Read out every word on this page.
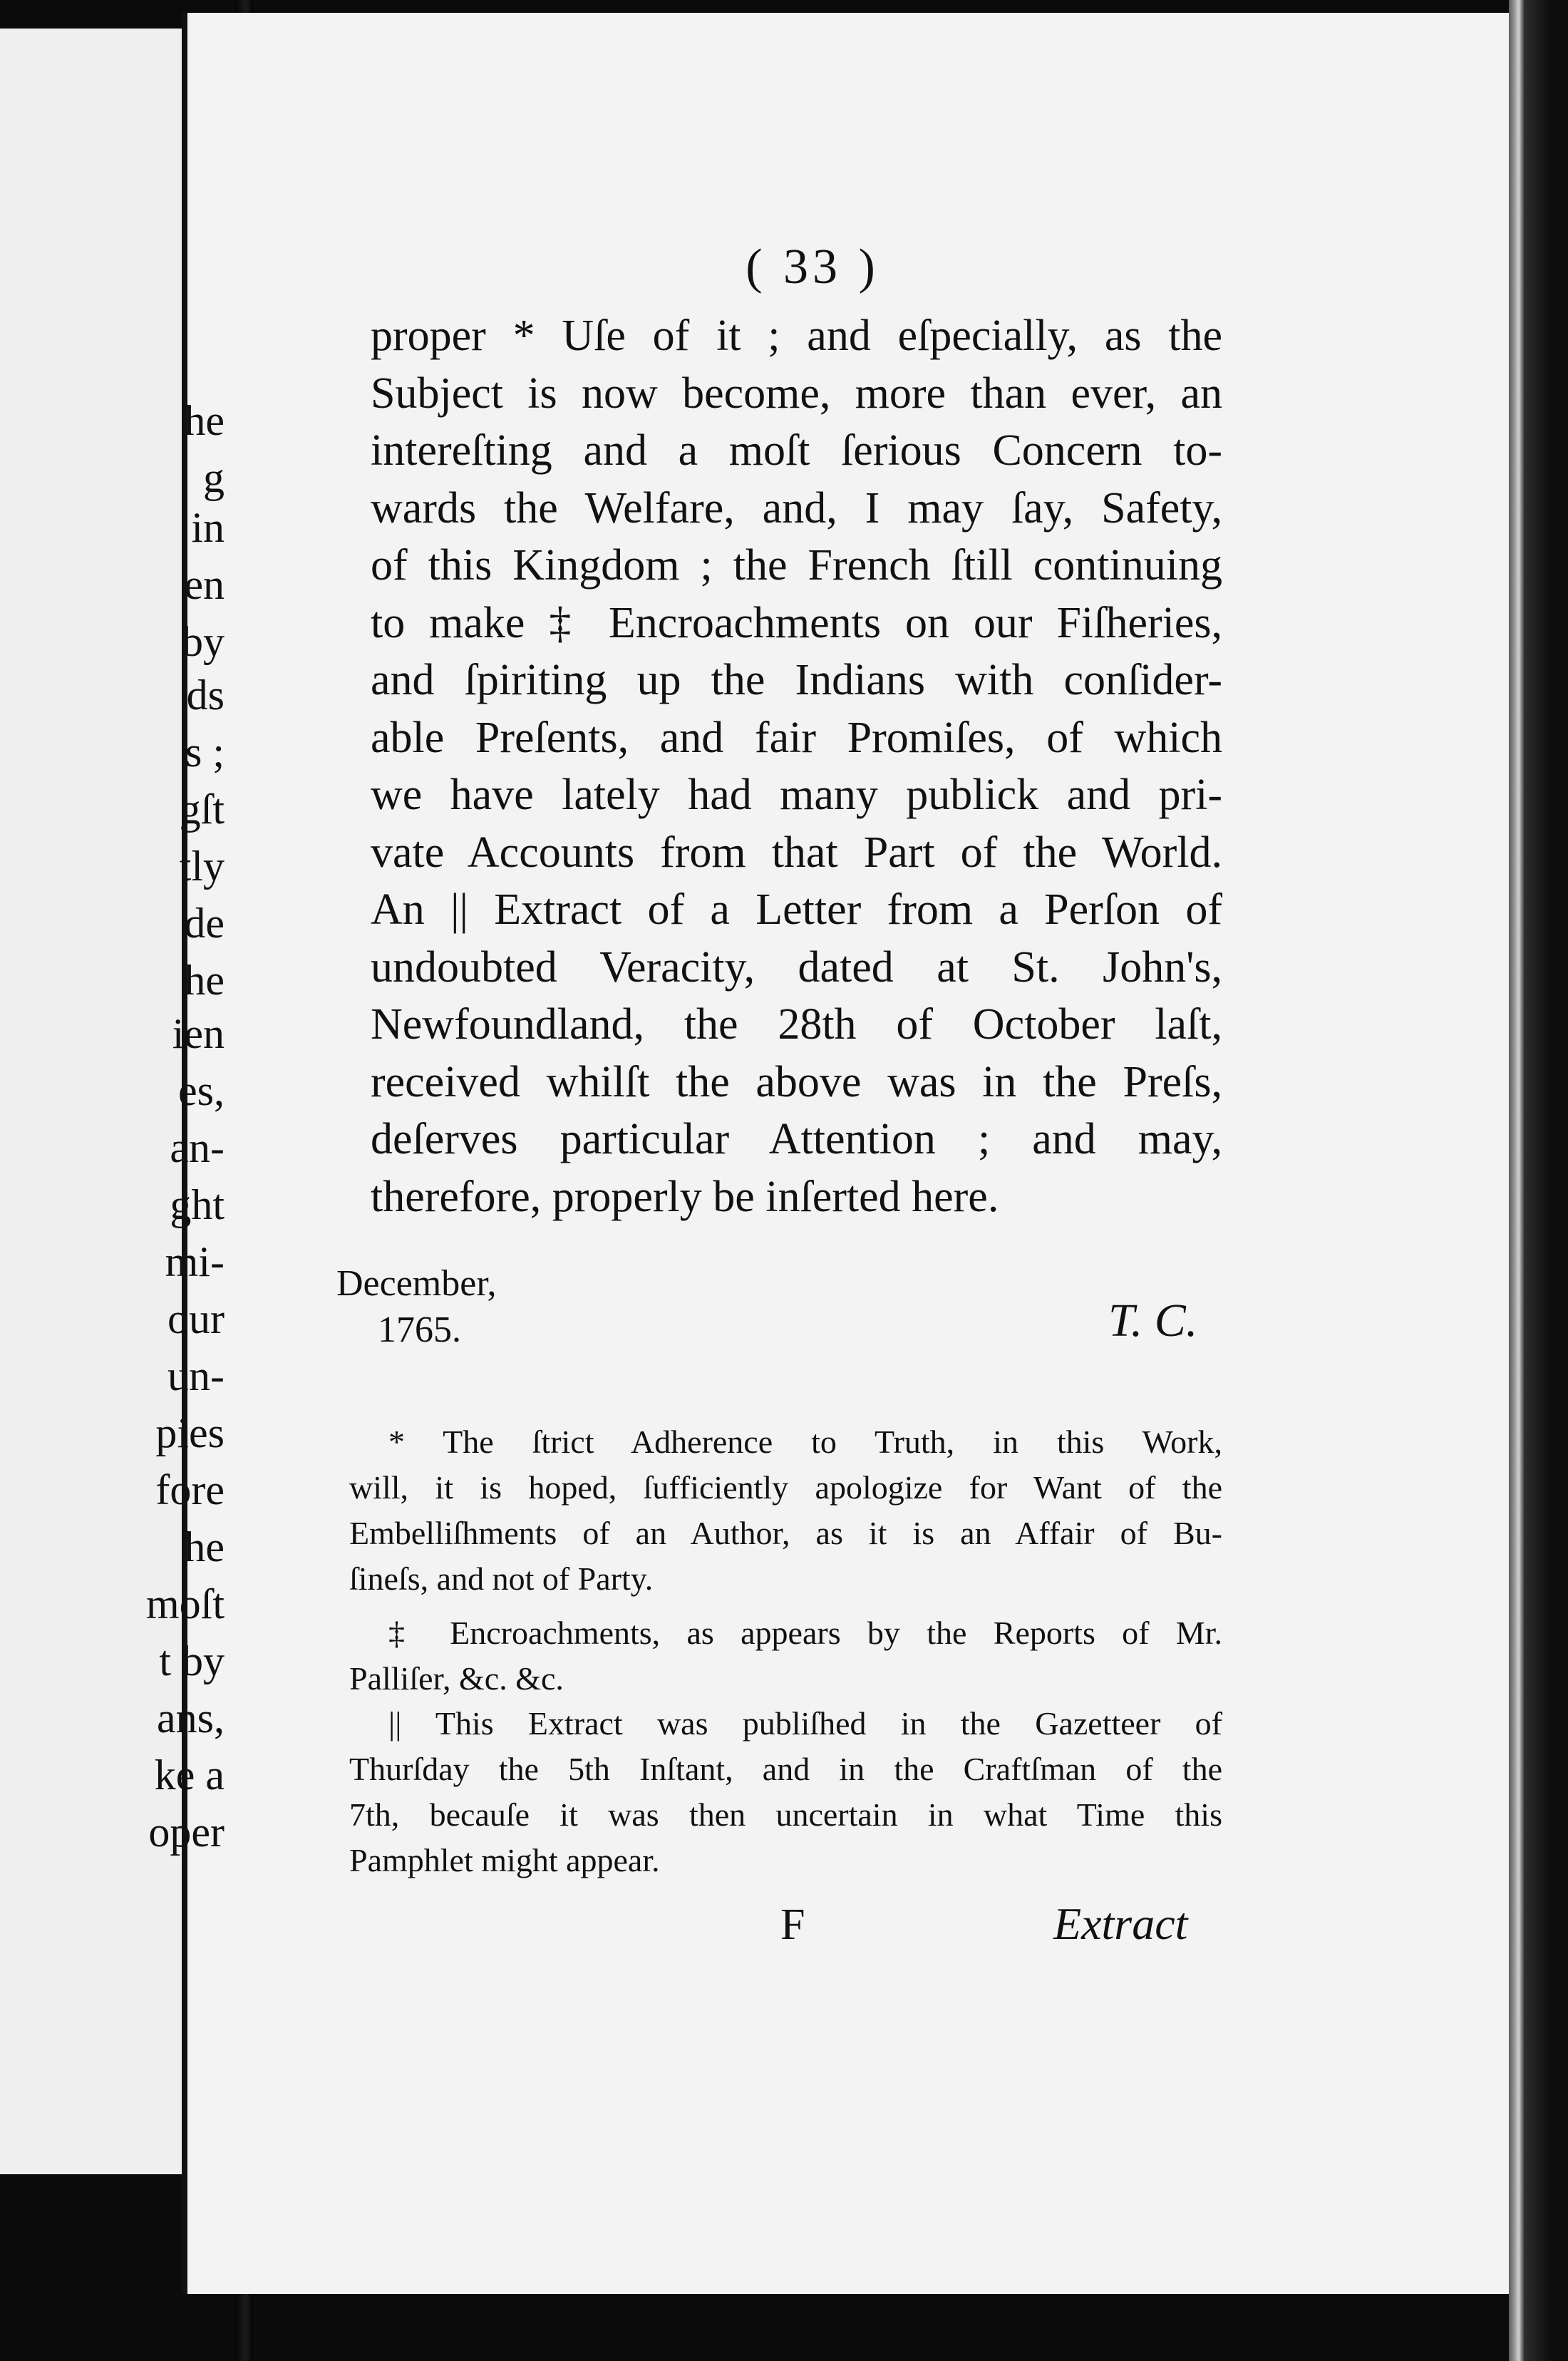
( 33 )
proper * Uſe of it ; and eſpecially, as the
Subject is now become, more than ever, an
intereſting and a moſt ſerious Concern to-
wards the Welfare, and, I may ſay, Safety,
of this Kingdom ; the French ſtill continuing
to make ‡ Encroachments on our Fiſheries,
and ſpiriting up the Indians with conſider-
able Preſents, and fair Promiſes, of which
we have lately had many publick and pri-
vate Accounts from that Part of the World.
An || Extract of a Letter from a Perſon of
undoubted Veracity, dated at St. John's,
Newfoundland, the 28th of October laſt,
received whilſt the above was in the Preſs,
deſerves particular Attention ; and may,
therefore, properly be inſerted here.
December,
1765.	T. C.
* The ſtrict Adherence to Truth, in this Work,
will, it is hoped, ſufficiently apologize for Want of the
Embelliſhments of an Author, as it is an Affair of Bu-
ſineſs, and not of Party.
‡ Encroachments, as appears by the Reports of Mr.
Palliſer, &c. &c.
|| This Extract was publiſhed in the Gazetteer of
Thurſday the 5th Inſtant, and in the Craftſman of the
7th, becauſe it was then uncertain in what Time this
Pamphlet might appear.
F	Extract
he
g
in
en
by
ds
s ;
gſt
tly
de
he
ien
es,
an-
ght
mi-
our
un-
pies
fore
he
moſt
t by
ans,
ke a
oper
